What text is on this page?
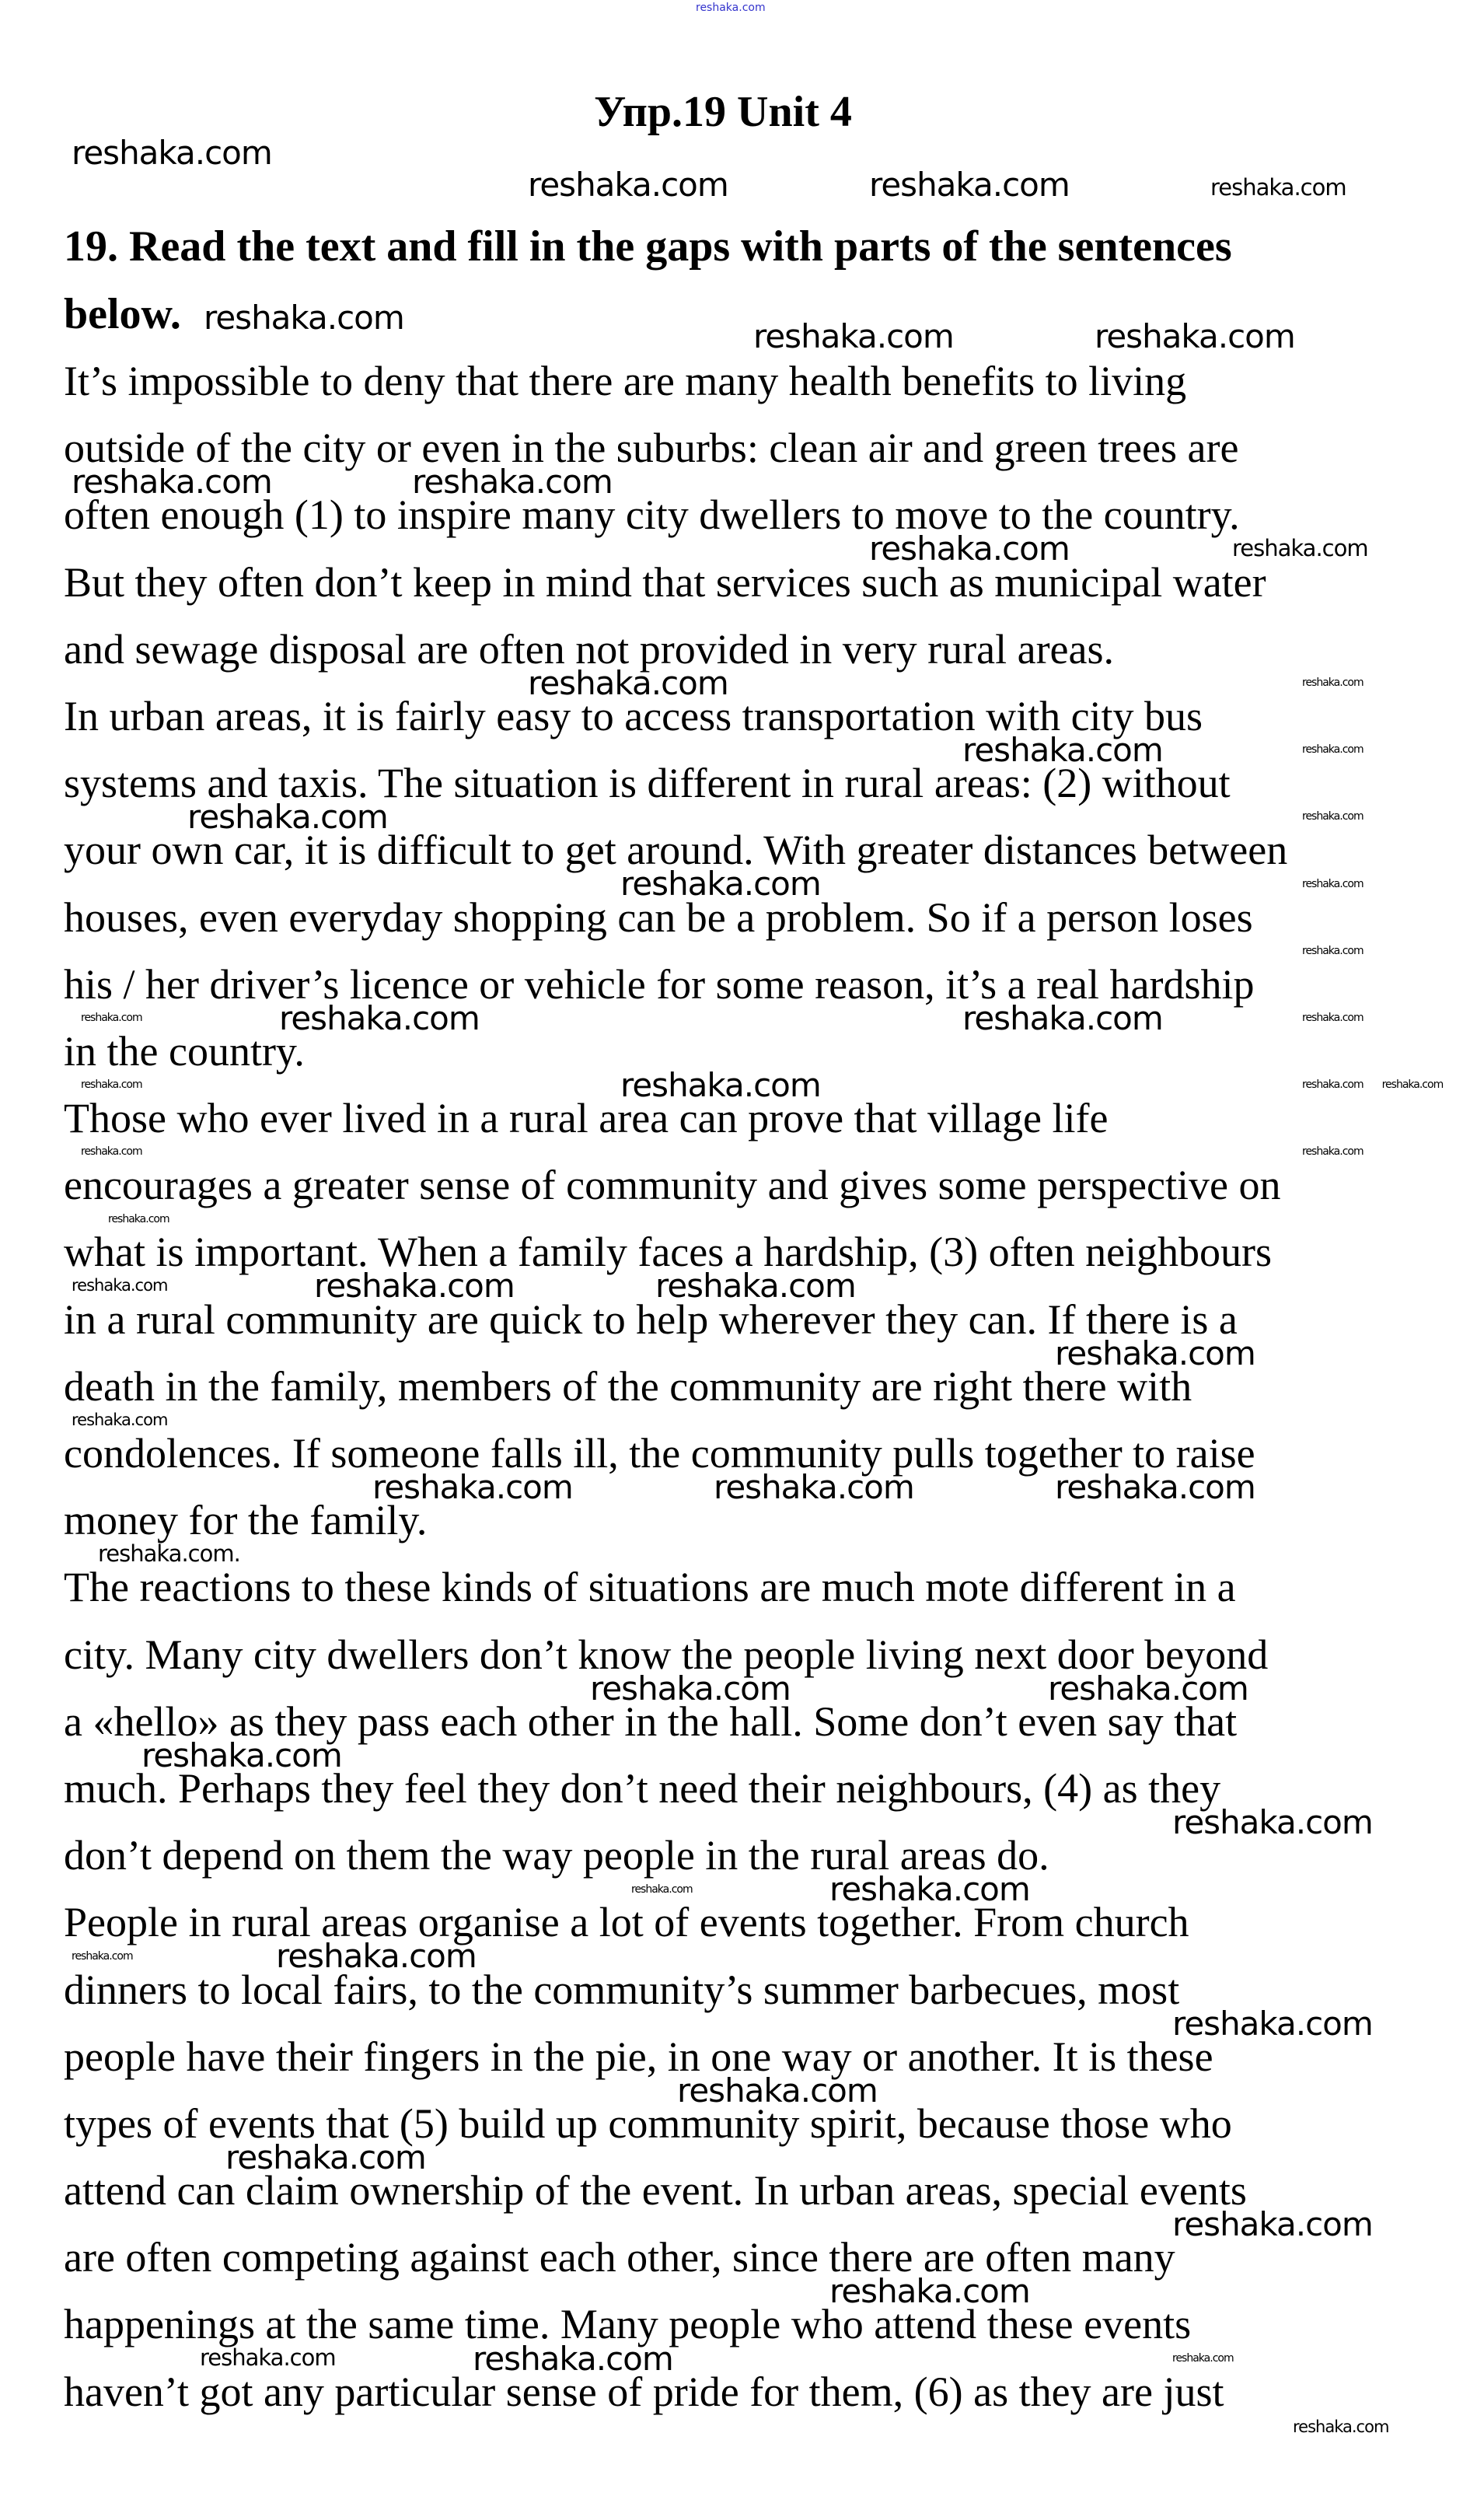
reshaka.com
Упр.19 Unit 4
19. Read the text and fill in the gaps with parts of the sentences
below.
It’s impossible to deny that there are many health benefits to living
outside of the city or even in the suburbs: clean air and green trees are
often enough (1) to inspire many city dwellers to move to the country.
But they often don’t keep in mind that services such as municipal water
and sewage disposal are often not provided in very rural areas.
In urban areas, it is fairly easy to access transportation with city bus
systems and taxis. The situation is different in rural areas: (2) without
your own car, it is difficult to get around. With greater distances between
houses, even everyday shopping can be a problem. So if a person loses
his / her driver’s licence or vehicle for some reason, it’s a real hardship
in the country.
Those who ever lived in a rural area can prove that village life
encourages a greater sense of community and gives some perspective on
what is important. When a family faces a hardship, (3) often neighbours
in a rural community are quick to help wherever they can. If there is a
death in the family, members of the community are right there with
condolences. If someone falls ill, the community pulls together to raise
money for the family.
The reactions to these kinds of situations are much mote different in a
city. Many city dwellers don’t know the people living next door beyond
a «hello» as they pass each other in the hall. Some don’t even say that
much. Perhaps they feel they don’t need their neighbours, (4) as they
don’t depend on them the way people in the rural areas do.
People in rural areas organise a lot of events together. From church
dinners to local fairs, to the community’s summer barbecues, most
people have their fingers in the pie, in one way or another. It is these
types of events that (5) build up community spirit, because those who
attend can claim ownership of the event. In urban areas, special events
are often competing against each other, since there are often many
happenings at the same time. Many people who attend these events
haven’t got any particular sense of pride for them, (6) as they are just
reshaka.com
reshaka.com	reshaka.com	reshaka.com
reshaka.com	reshaka.com	reshaka.com
reshaka.com	reshaka.com
reshaka.com	reshaka.com
reshaka.com
reshaka.com
reshaka.com
reshaka.com
reshaka.com	reshaka.com
reshaka.com
reshaka.com	reshaka.com
reshaka.com
reshaka.com	reshaka.com	reshaka.com
reshaka.com.
reshaka.com	reshaka.com
reshaka.com
reshaka.com
reshaka.com
reshaka.com
reshaka.com
reshaka.com
reshaka.com
reshaka.com
reshaka.com
reshaka.com
reshaka.com
reshaka.com
reshaka.com
reshaka.com
reshaka.com
reshaka.com
reshaka.com
reshaka.com
reshaka.com
reshaka.com
reshaka.com reshaka.com
reshaka.com
reshaka.com
reshaka.com
reshaka.com
reshaka.com
reshaka.com
reshaka.com
reshaka.com
